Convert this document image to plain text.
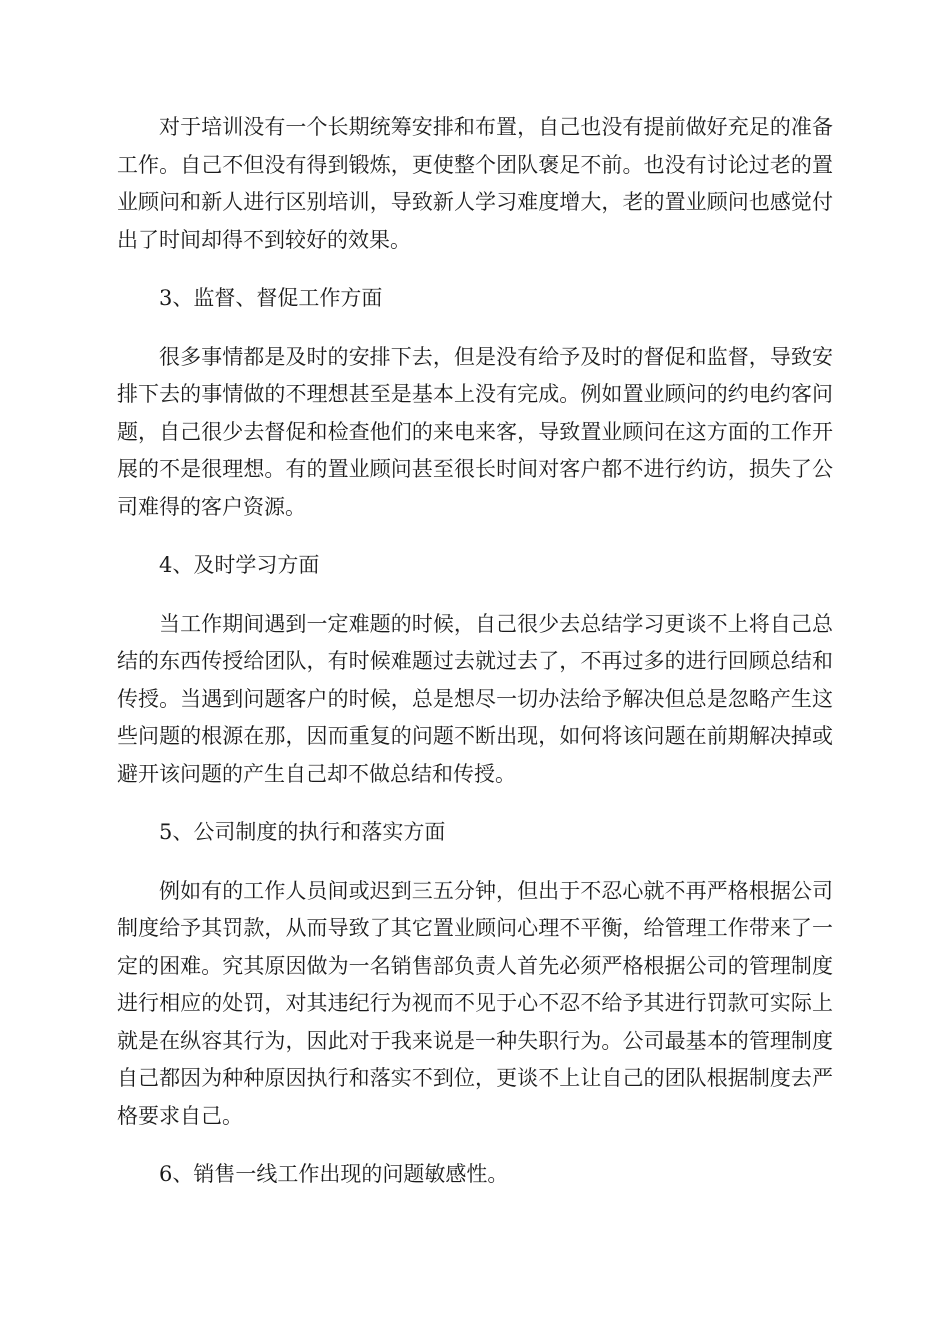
对于培训没有一个长期统筹安排和布置，自己也没有提前做好充足的准备工作。自己不但没有得到锻炼，更使整个团队褒足不前。也没有讨论过老的置业顾问和新人进行区别培训，导致新人学习难度增大，老的置业顾问也感觉付出了时间却得不到较好的效果。

3、监督、督促工作方面

很多事情都是及时的安排下去，但是没有给予及时的督促和监督，导致安排下去的事情做的不理想甚至是基本上没有完成。例如置业顾问的约电约客问题，自己很少去督促和检查他们的来电来客，导致置业顾问在这方面的工作开展的不是很理想。有的置业顾问甚至很长时间对客户都不进行约访，损失了公司难得的客户资源。

4、及时学习方面

当工作期间遇到一定难题的时候，自己很少去总结学习更谈不上将自己总结的东西传授给团队，有时候难题过去就过去了，不再过多的进行回顾总结和传授。当遇到问题客户的时候，总是想尽一切办法给予解决但总是忽略产生这些问题的根源在那，因而重复的问题不断出现，如何将该问题在前期解决掉或避开该问题的产生自己却不做总结和传授。

5、公司制度的执行和落实方面

例如有的工作人员间或迟到三五分钟，但出于不忍心就不再严格根据公司制度给予其罚款，从而导致了其它置业顾问心理不平衡，给管理工作带来了一定的困难。究其原因做为一名销售部负责人首先必须严格根据公司的管理制度进行相应的处罚，对其违纪行为视而不见于心不忍不给予其进行罚款可实际上就是在纵容其行为，因此对于我来说是一种失职行为。公司最基本的管理制度自己都因为种种原因执行和落实不到位，更谈不上让自己的团队根据制度去严格要求自己。

6、销售一线工作出现的问题敏感性。
